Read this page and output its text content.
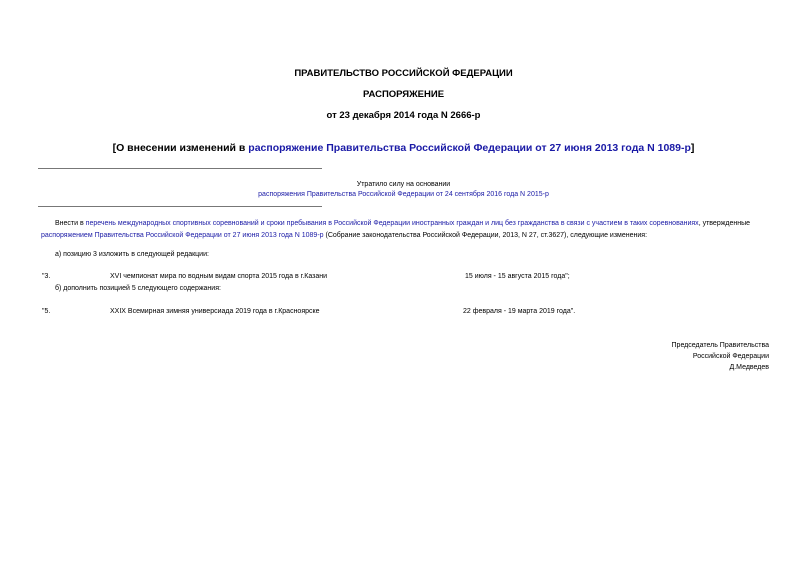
ПРАВИТЕЛЬСТВО РОССИЙСКОЙ ФЕДЕРАЦИИ
РАСПОРЯЖЕНИЕ
от 23 декабря 2014 года N 2666-р
[О внесении изменений в распоряжение Правительства Российской Федерации от 27 июня 2013 года N 1089-р]
Утратило силу на основании
распоряжения Правительства Российской Федерации от 24 сентября 2016 года N 2015-р
Внести в перечень международных спортивных соревнований и сроки пребывания в Российской Федерации иностранных граждан и лиц без гражданства в связи с участием в таких соревнованиях, утвержденные распоряжением Правительства Российской Федерации от 27 июня 2013 года N 1089-р (Собрание законодательства Российской Федерации, 2013, N 27, ст.3627), следующие изменения:
а) позицию 3 изложить в следующей редакции:
"3.	XVI чемпионат мира по водным видам спорта 2015 года в г.Казани	15 июля - 15 августа 2015 года";
б) дополнить позицией 5 следующего содержания:
"5.	XXIX Всемирная зимняя универсиада 2019 года в г.Красноярске	22 февраля - 19 марта 2019 года".
Председатель Правительства
Российской Федерации
Д.Медведев
